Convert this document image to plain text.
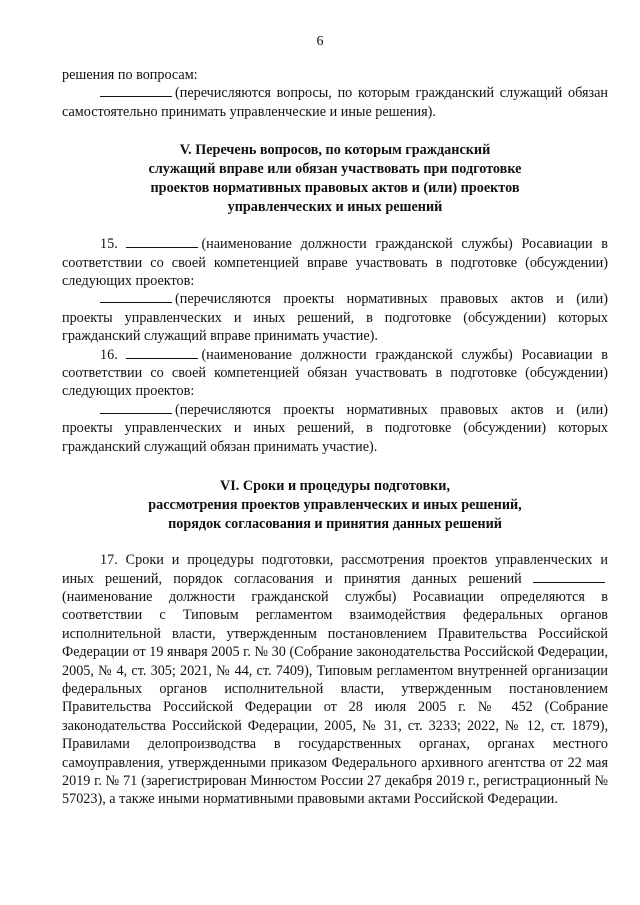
6

решения по вопросам:

(перечисляются вопросы, по которым гражданский служащий обязан самостоятельно принимать управленческие и иные решения).

V. Перечень вопросов, по которым гражданский

служащий вправе или обязан участвовать при подготовке

проектов нормативных правовых актов и (или) проектов

управленческих и иных решений

15.	(наименование должности гражданской службы) Росавиации в соответствии со своей компетенцией вправе участвовать в подготовке (обсуждении) следующих проектов:

(перечисляются проекты нормативных правовых актов и (или) проекты управленческих и иных решений, в подготовке (обсуждении) которых гражданский служащий вправе принимать участие).

16.	(наименование должности гражданской службы) Росавиации в соответствии со своей компетенцией обязан участвовать в подготовке (обсуждении) следующих проектов:

(перечисляются проекты нормативных правовых актов и (или) проекты управленческих и иных решений, в подготовке (обсуждении) которых гражданский служащий обязан принимать участие).

VI. Сроки и процедуры подготовки,

рассмотрения проектов управленческих и иных решений,

порядок согласования и принятия данных решений

17. Сроки и процедуры подготовки, рассмотрения проектов управленческих и иных решений, порядок согласования и принятия данных решений  (наименование должности гражданской службы) Росавиации определяются в соответствии с Типовым регламентом взаимодействия федеральных органов исполнительной власти, утвержденным постановлением Правительства Российской Федерации от 19 января 2005 г. № 30 (Собрание законодательства Российской Федерации, 2005, № 4, ст. 305; 2021, № 44, ст. 7409), Типовым регламентом внутренней организации федеральных органов исполнительной власти, утвержденным постановлением Правительства Российской Федерации от 28 июля 2005 г. № 452 (Собрание законодательства Российской Федерации, 2005, № 31, ст. 3233; 2022, № 12, ст. 1879), Правилами делопроизводства в государственных органах, органах местного самоуправления, утвержденными приказом Федерального архивного агентства от 22 мая 2019 г. № 71 (зарегистрирован Минюстом России 27 декабря 2019 г., регистрационный № 57023), а также иными нормативными правовыми актами Российской Федерации.
